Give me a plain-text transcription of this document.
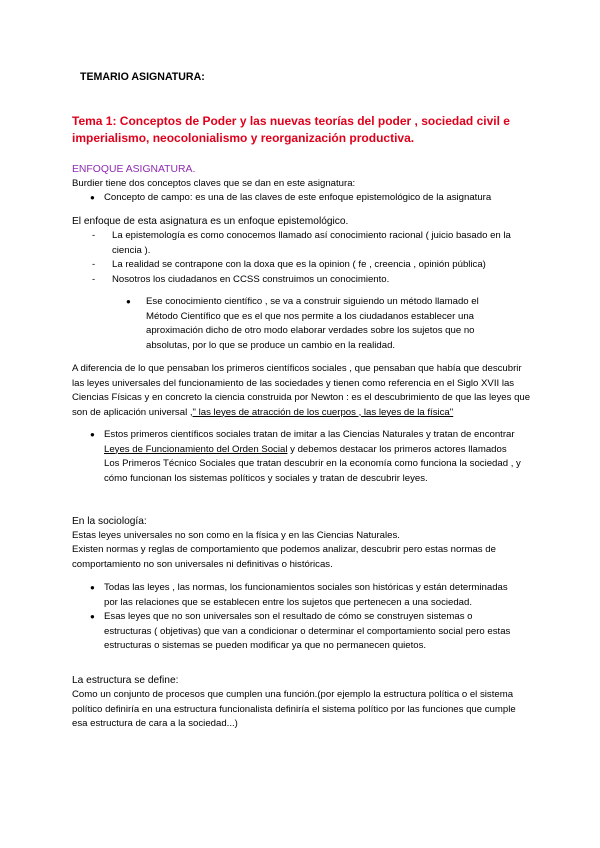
TEMARIO ASIGNATURA:

Tema 1: Conceptos de Poder y las nuevas teorías del poder , sociedad civil e imperialismo, neocolonialismo y reorganización productiva.

ENFOQUE ASIGNATURA.

Burdier tiene dos conceptos claves que se dan en este asignatura:

● Concepto de campo: es una de las claves de este enfoque epistemológico de la asignatura

El enfoque de esta asignatura es un enfoque epistemológico.

- La epistemología es como conocemos llamado así conocimiento racional ( juicio basado en la ciencia ).
- La realidad se contrapone con la doxa que es la opinion ( fe , creencia , opinión pública)
- Nosotros los ciudadanos en CCSS construimos un conocimiento.
● Ese conocimiento científico , se va a construir siguiendo un método llamado el Método Científico que es el que nos permite a los ciudadanos establecer una aproximación dicho de otro modo elaborar verdades sobre los sujetos que no absolutas, por lo que se produce un cambio en la realidad.

A diferencia de lo que pensaban los primeros científicos sociales , que pensaban que había que descubrir las leyes universales del funcionamiento de las sociedades y tienen como referencia en el Siglo XVII las Ciencias Físicas y en concreto la ciencia construida por Newton : es el descubrimiento de que las leyes que son de aplicación universal ," las leyes de atracción de los cuerpos , las leyes de la física"

● Estos primeros científicos sociales tratan de imitar a las Ciencias Naturales y tratan de encontrar Leyes de Funcionamiento del Orden Social y debemos destacar los primeros actores llamados Los Primeros Técnico Sociales que tratan descubrir en la economía como funciona la sociedad , y cómo funcionan los sistemas políticos y sociales y tratan de descubrir leyes.

En la sociología:

Estas leyes universales no son como en la física y en las Ciencias Naturales.

Existen normas y reglas de comportamiento que podemos analizar, descubrir pero estas normas de comportamiento no son universales ni definitivas o históricas.

● Todas las leyes , las normas, los funcionamientos sociales son históricas y están determinadas por las relaciones que se establecen entre los sujetos que pertenecen a una sociedad.
● Esas leyes que no son universales son el resultado de cómo se construyen sistemas o estructuras ( objetivas) que van a condicionar o determinar el comportamiento social pero estas estructuras o sistemas se pueden modificar ya que no permanecen quietos.

La estructura se define:

Como un conjunto de procesos que cumplen una función.(por ejemplo la estructura política o el sistema político definiría en una estructura funcionalista definiría el sistema político por las funciones que cumple esa estructura de cara a la sociedad...)
